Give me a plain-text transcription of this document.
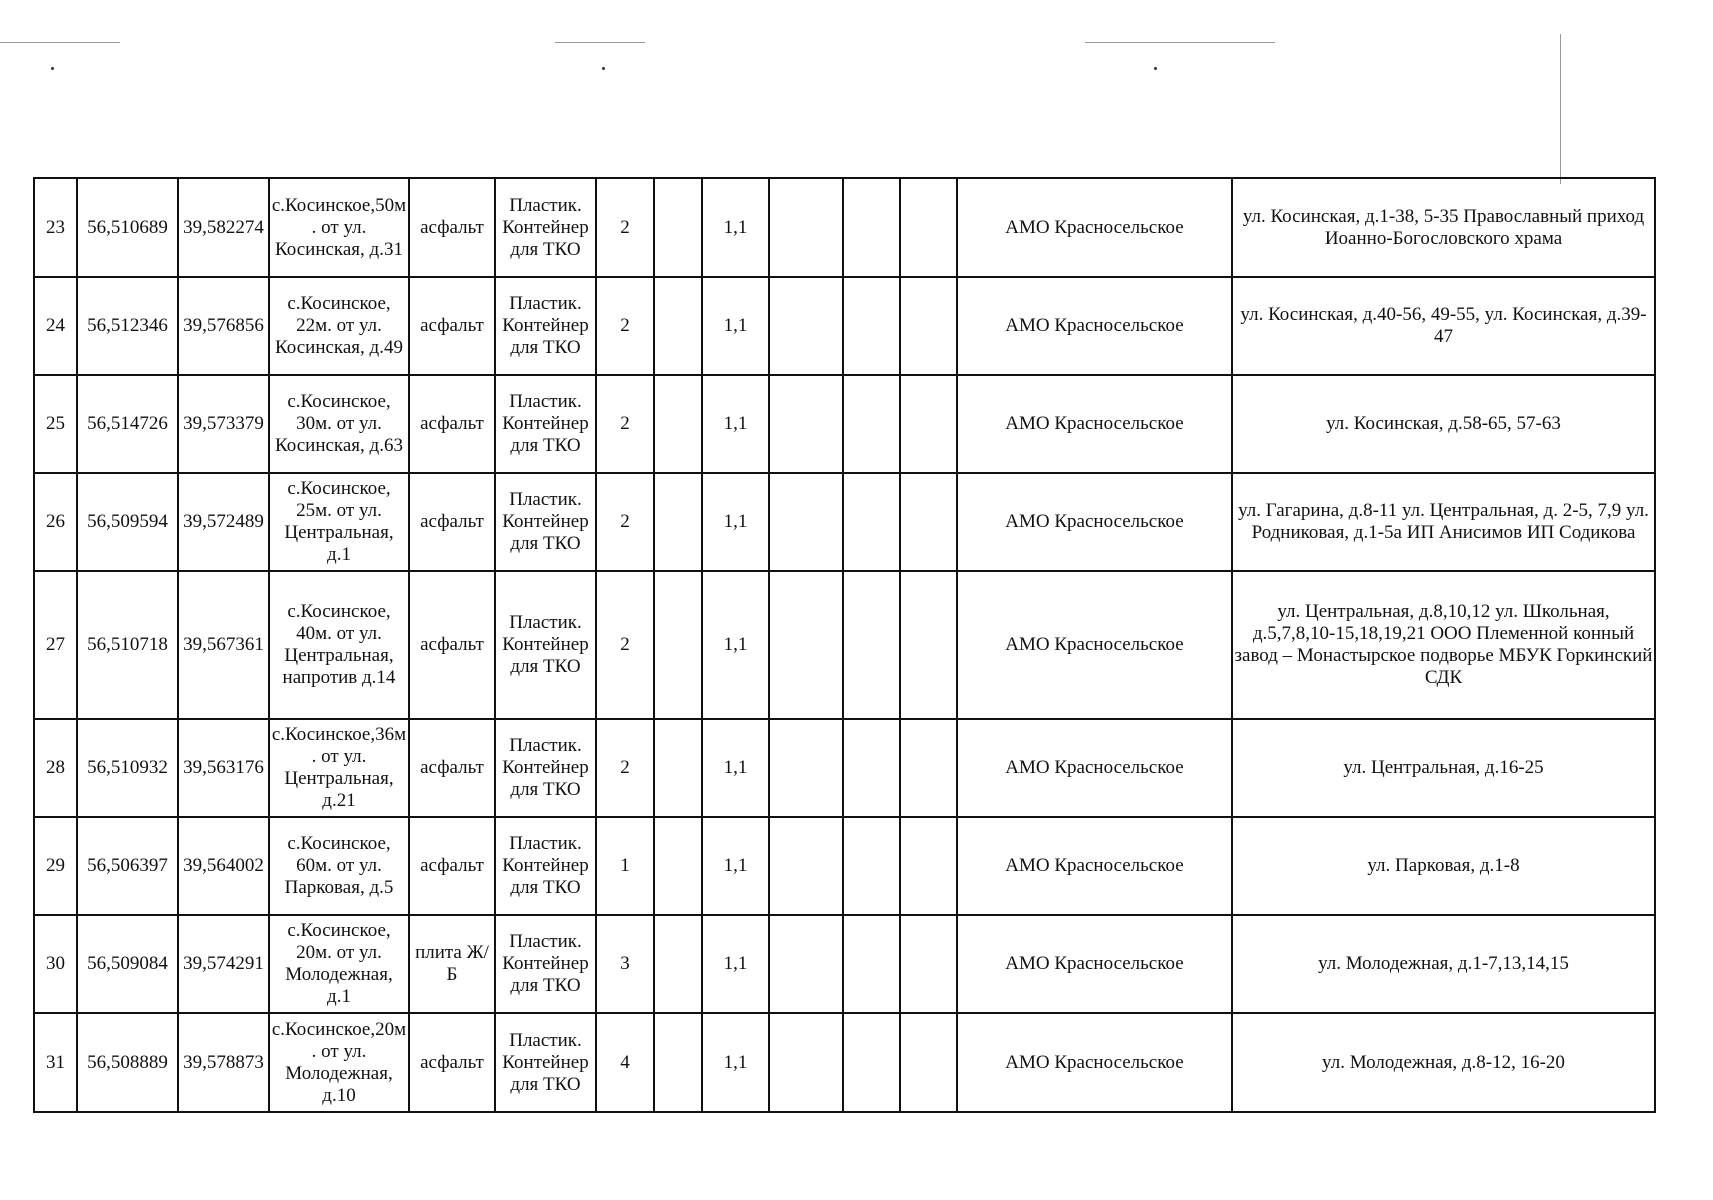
23	56,510689	39,582274	с.Косинское,50м. от ул. Косинская, д.31	асфальт	Пластик. Контейнер для ТКО	2		1,1				АМО Красносельское	ул. Косинская, д.1-38, 5-35 Православный приход Иоанно-Богословского храма
24	56,512346	39,576856	с.Косинское, 22м. от ул. Косинская, д.49	асфальт	Пластик. Контейнер для ТКО	2		1,1				АМО Красносельское	ул. Косинская, д.40-56, 49-55, ул. Косинская, д.39-47
25	56,514726	39,573379	с.Косинское, 30м. от ул. Косинская, д.63	асфальт	Пластик. Контейнер для ТКО	2		1,1				АМО Красносельское	ул. Косинская, д.58-65, 57-63
26	56,509594	39,572489	с.Косинское, 25м. от ул. Центральная, д.1	асфальт	Пластик. Контейнер для ТКО	2		1,1				АМО Красносельское	ул. Гагарина, д.8-11 ул. Центральная, д. 2-5, 7,9 ул. Родниковая, д.1-5а ИП Анисимов ИП Содикова
27	56,510718	39,567361	с.Косинское, 40м. от ул. Центральная, напротив д.14	асфальт	Пластик. Контейнер для ТКО	2		1,1				АМО Красносельское	ул. Центральная, д.8,10,12 ул. Школьная, д.5,7,8,10-15,18,19,21 ООО Племенной конный завод – Монастырское подворье МБУК Горкинский СДК
28	56,510932	39,563176	с.Косинское,36м. от ул. Центральная, д.21	асфальт	Пластик. Контейнер для ТКО	2		1,1				АМО Красносельское	ул. Центральная, д.16-25
29	56,506397	39,564002	с.Косинское, 60м. от ул. Парковая, д.5	асфальт	Пластик. Контейнер для ТКО	1		1,1				АМО Красносельское	ул. Парковая, д.1-8
30	56,509084	39,574291	с.Косинское, 20м. от ул. Молодежная, д.1	плита Ж/Б	Пластик. Контейнер для ТКО	3		1,1				АМО Красносельское	ул. Молодежная, д.1-7,13,14,15
31	56,508889	39,578873	с.Косинское,20м. от ул. Молодежная, д.10	асфальт	Пластик. Контейнер для ТКО	4		1,1				АМО Красносельское	ул. Молодежная, д.8-12, 16-20
